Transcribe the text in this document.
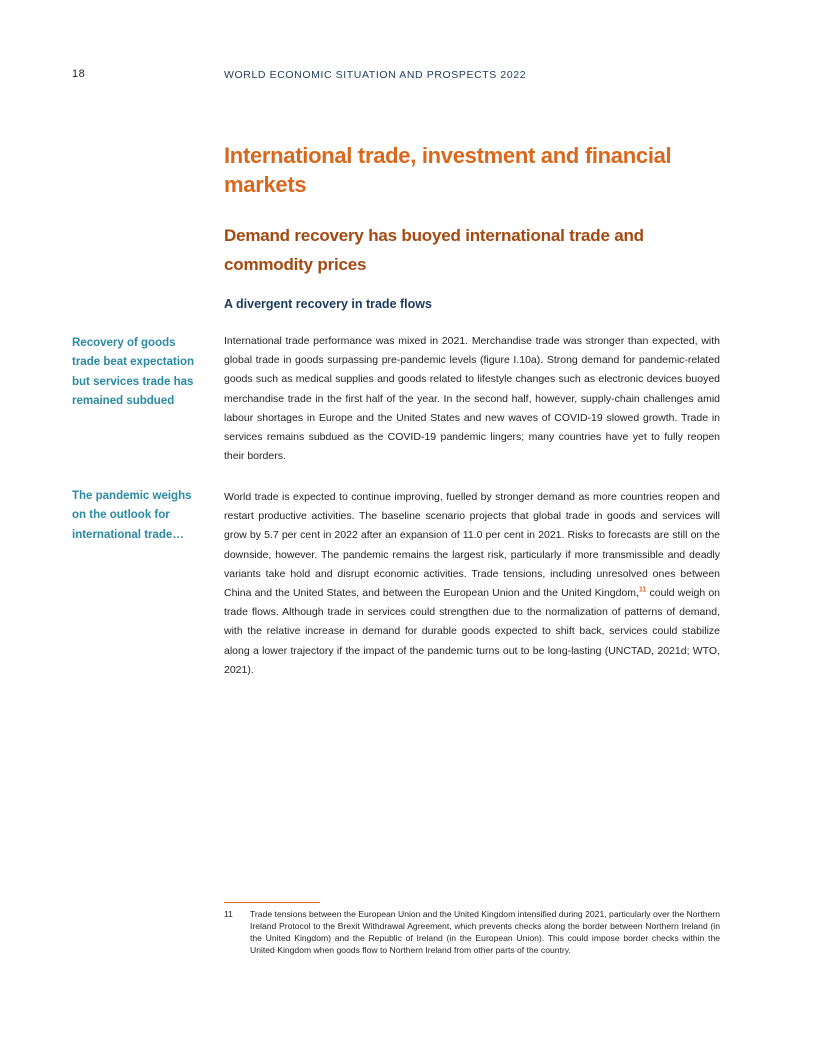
18	WORLD ECONOMIC SITUATION AND PROSPECTS 2022
International trade, investment and financial markets
Demand recovery has buoyed international trade and commodity prices
A divergent recovery in trade flows

Recovery of goods trade beat expectation but services trade has remained subdued

The pandemic weighs on the outlook for international trade…

International trade performance was mixed in 2021. Merchandise trade was stronger than expected, with global trade in goods surpassing pre-pandemic levels (figure I.10a). Strong demand for pandemic-related goods such as medical supplies and goods related to lifestyle changes such as electronic devices buoyed merchandise trade in the first half of the year. In the second half, however, supply-chain challenges amid labour shortages in Europe and the United States and new waves of COVID-19 slowed growth. Trade in services remains subdued as the COVID-19 pandemic lingers; many countries have yet to fully reopen their borders.

World trade is expected to continue improving, fuelled by stronger demand as more countries reopen and restart productive activities. The baseline scenario projects that global trade in goods and services will grow by 5.7 per cent in 2022 after an expansion of 11.0 per cent in 2021. Risks to forecasts are still on the downside, however. The pandemic remains the largest risk, particularly if more transmissible and deadly variants take hold and disrupt economic activities. Trade tensions, including unresolved ones between China and the United States, and between the European Union and the United Kingdom,$^{11}$ could weigh on trade flows. Although trade in services could strengthen due to the normalization of patterns of demand, with the relative increase in demand for durable goods expected to shift back, services could stabilize along a lower trajectory if the impact of the pandemic turns out to be long-lasting (UNCTAD, 2021d; WTO, 2021).

11	Trade tensions between the European Union and the United Kingdom intensified during 2021, particularly over the Northern Ireland Protocol to the Brexit Withdrawal Agreement, which prevents checks along the border between Northern Ireland (in the United Kingdom) and the Republic of Ireland (in the European Union). This could impose border checks within the United Kingdom when goods flow to Northern Ireland from other parts of the country.
